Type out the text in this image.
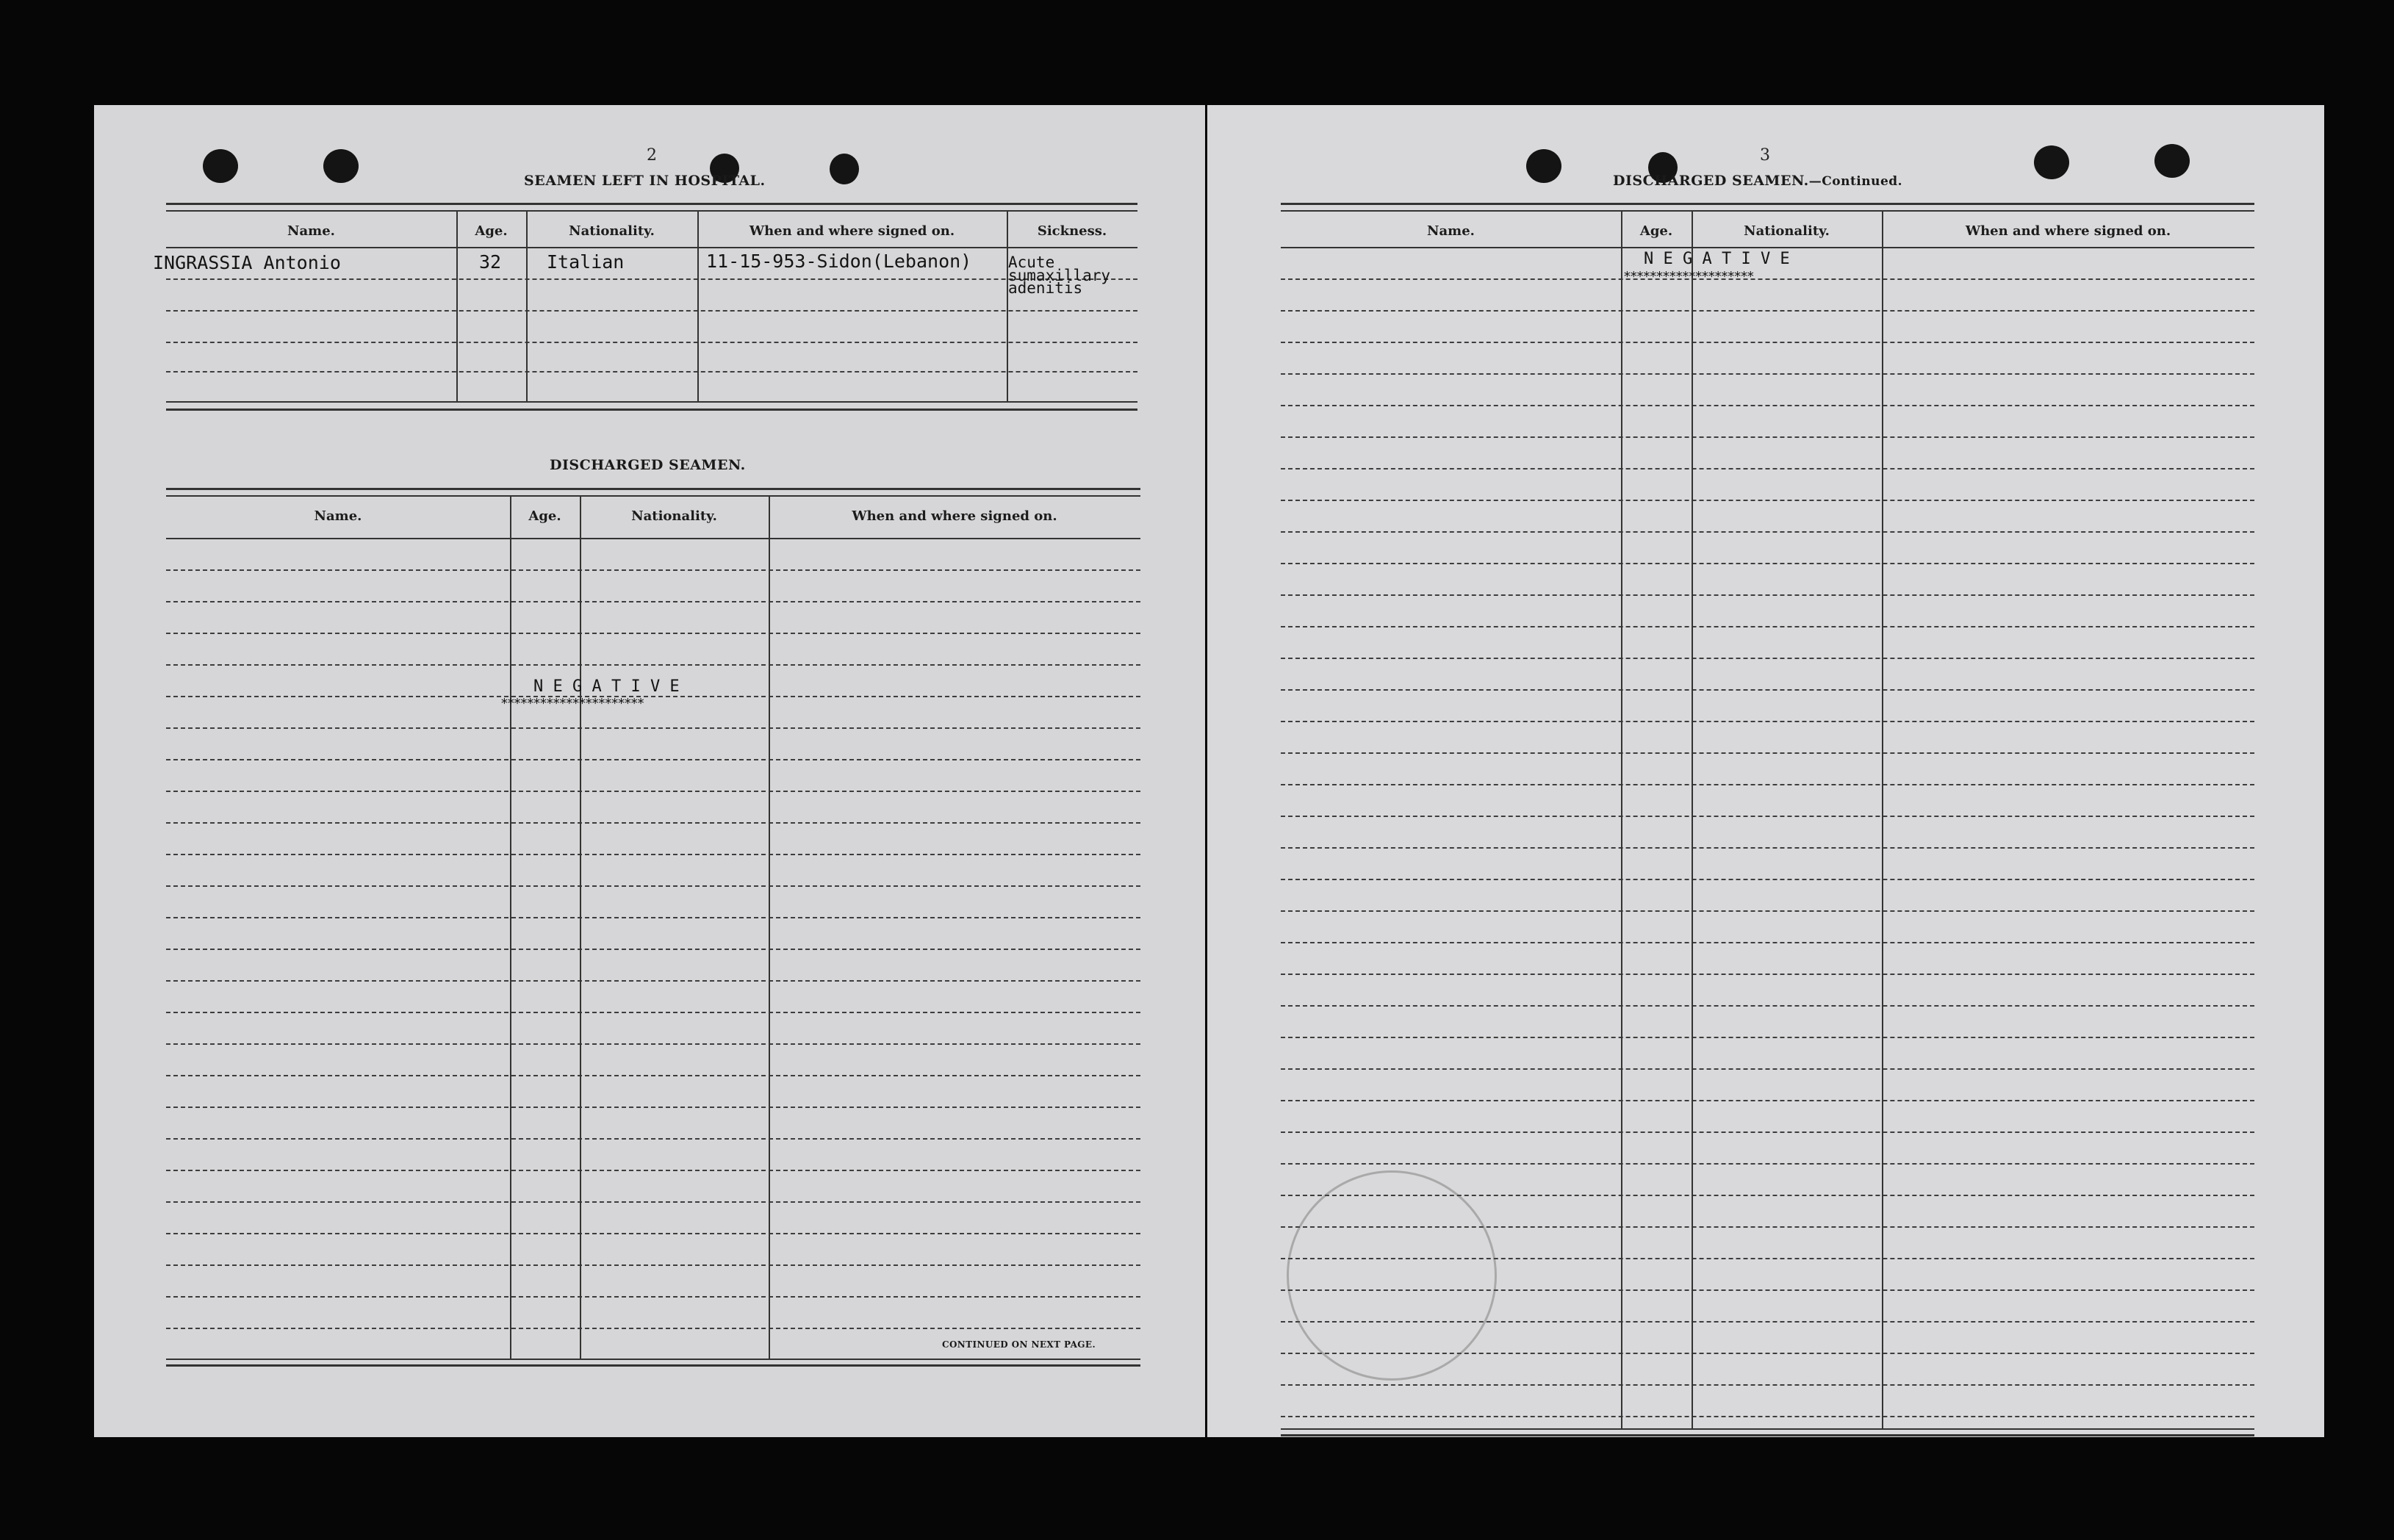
2
SEAMEN LEFT IN HOSPITAL.
Name.	Age.	Nationality.	When and where signed on.	Sickness.
INGRASSIA Antonio	32 Italian	11-15-953-Sidon(Lebanon) Acute
sumaxillary
adenitis
DISCHARGED SEAMEN.
Name.	Age.	Nationality.	When and where signed on.
N E G A T I V E
**********************
CONTINUED ON NEXT PAGE.
3
DISCHARGED SEAMEN.—Continued.
Name.	Age.	Nationality.	When and where signed on.
N E G A T I V E
********************
